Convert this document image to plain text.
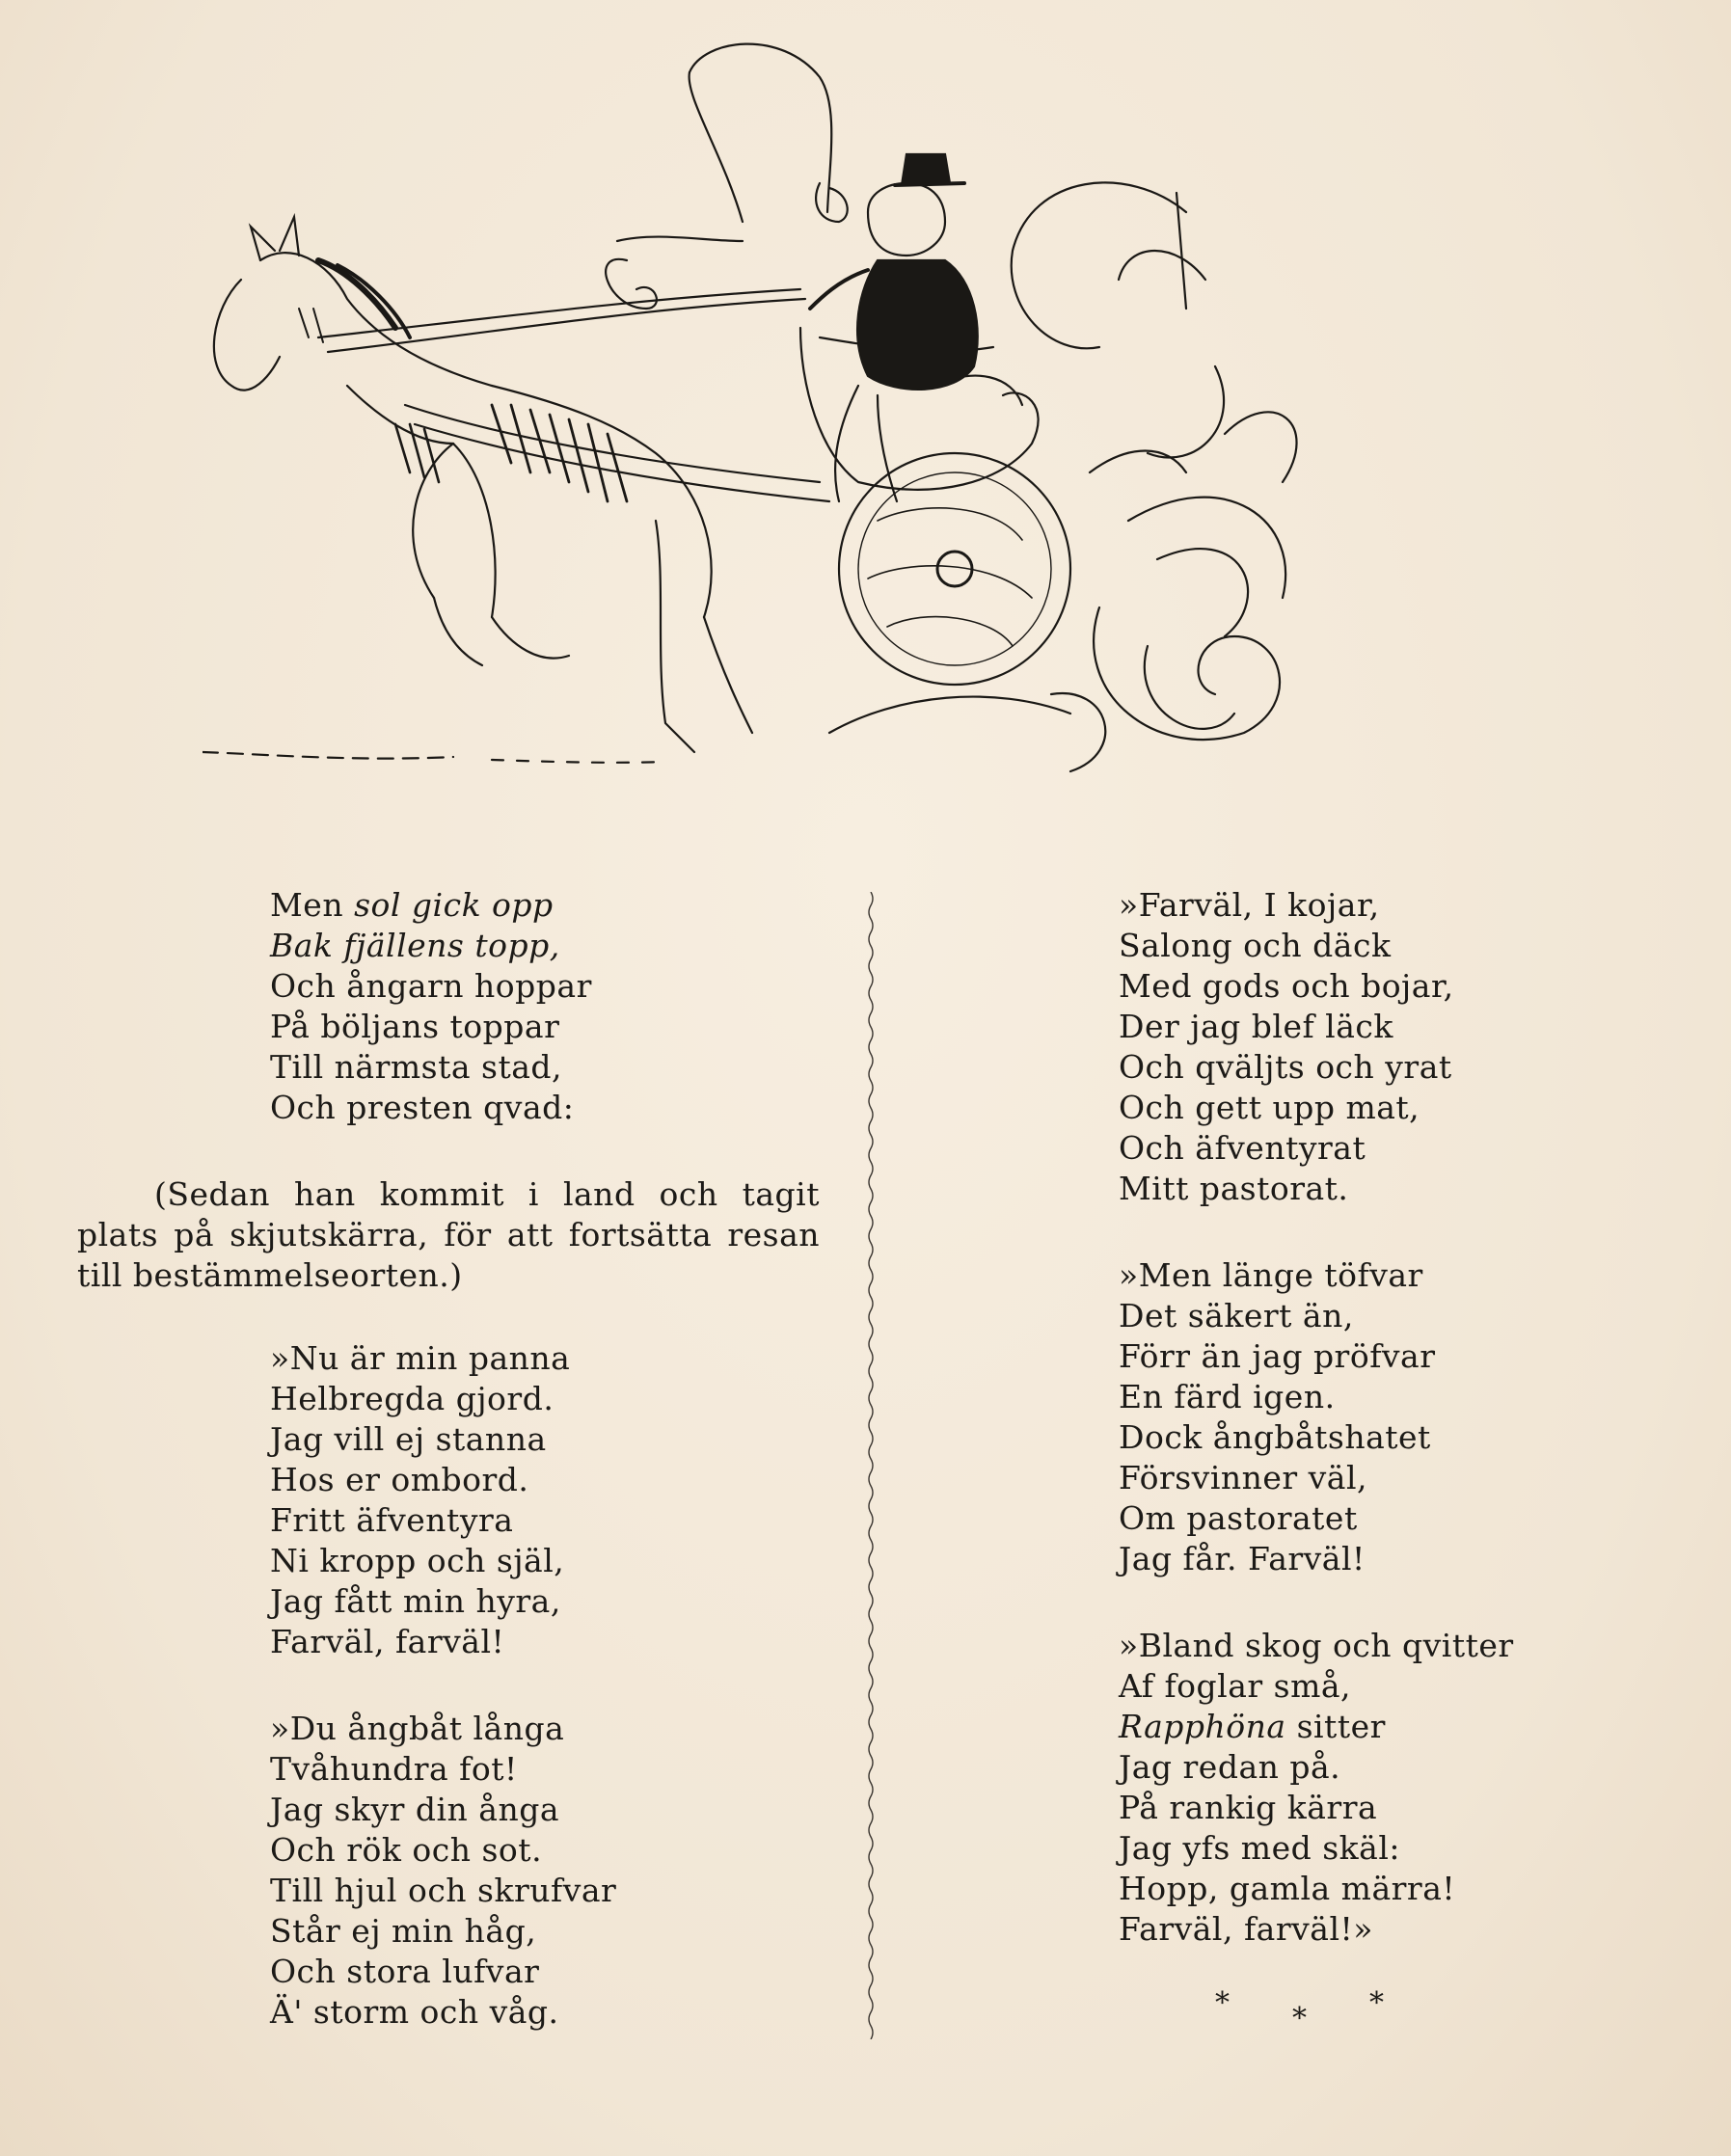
Men sol gick opp
Bak fjällens topp,
Och ångarn hoppar
På böljans toppar
Till närmsta stad,
Och presten qvad:
(Sedan han kommit i land och tagit plats på skjutskärra, för att fortsätta resan till bestämmelseorten.)
»Nu är min panna
Helbregda gjord.
Jag vill ej stanna
Hos er ombord.
Fritt äfventyra
Ni kropp och själ,
Jag fått min hyra,
Farväl, farväl!
»Du ångbåt långa
Tvåhundra fot!
Jag skyr din ånga
Och rök och sot.
Till hjul och skrufvar
Står ej min håg,
Och stora lufvar
Ä' storm och våg.
»Farväl, I kojar,
Salong och däck
Med gods och bojar,
Der jag blef läck
Och qväljts och yrat
Och gett upp mat,
Och äfventyrat
Mitt pastorat.
»Men länge töfvar
Det säkert än,
Förr än jag pröfvar
En färd igen.
Dock ångbåtshatet
Försvinner väl,
Om pastoratet
Jag får. Farväl!
»Bland skog och qvitter
Af foglar små,
Rapphöna sitter
Jag redan på.
På rankig kärra
Jag yfs med skäl:
Hopp, gamla märra!
Farväl, farväl!»
* * *
